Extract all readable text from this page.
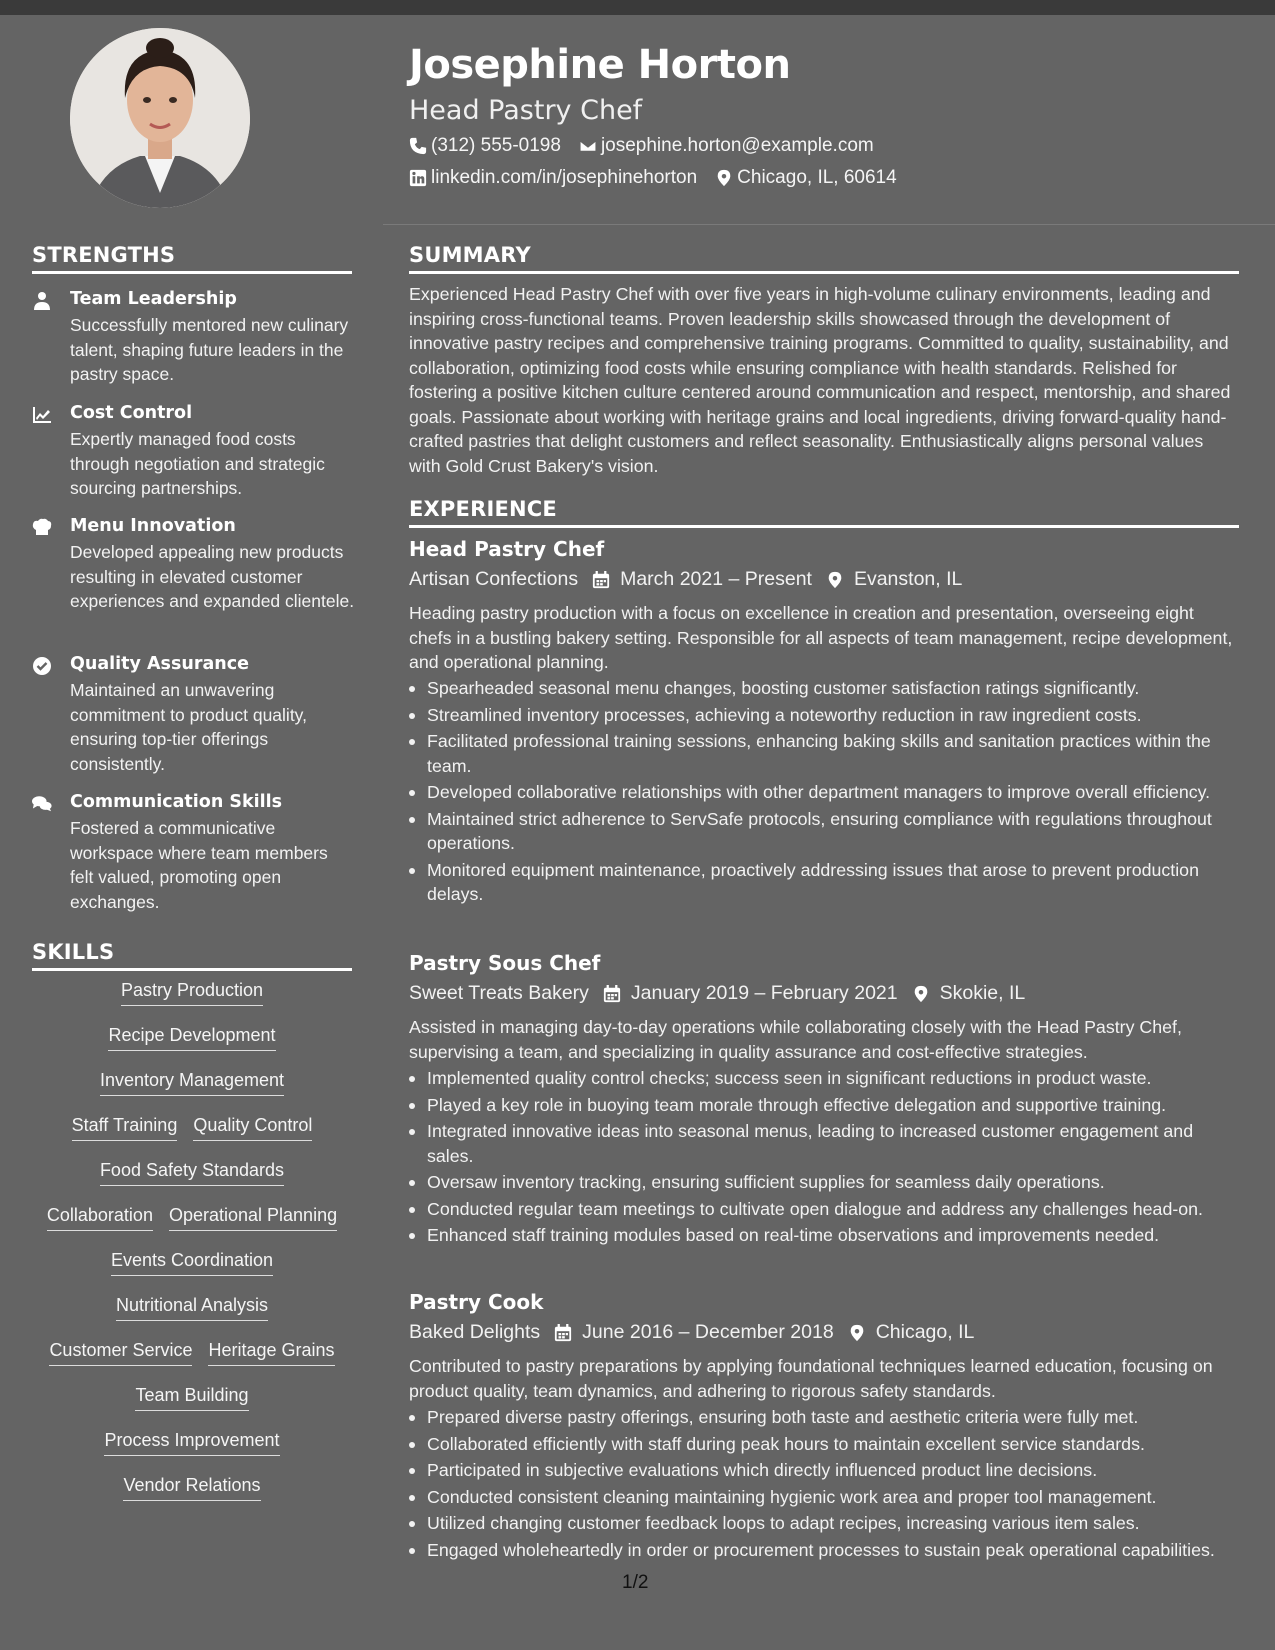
STRENGTHS
Team Leadership
Successfully mentored new culinary talent, shaping future leaders in the pastry space.
Cost Control
Expertly managed food costs through negotiation and strategic sourcing partnerships.
Menu Innovation
Developed appealing new products resulting in elevated customer experiences and expanded clientele.
Quality Assurance
Maintained an unwavering commitment to product quality, ensuring top-tier offerings consistently.
Communication Skills
Fostered a communicative workspace where team members felt valued, promoting open exchanges.
SKILLS
Pastry Production
Recipe Development
Inventory Management
Staff Training Quality Control
Food Safety Standards
Collaboration Operational Planning
Events Coordination
Nutritional Analysis
Customer Service Heritage Grains
Team Building
Process Improvement
Vendor Relations
Josephine Horton
Head Pastry Chef
(312) 555-0198 josephine.horton@example.com
linkedin.com/in/josephinehorton Chicago, IL, 60614
SUMMARY
Experienced Head Pastry Chef with over five years in high-volume culinary environments, leading and inspiring cross-functional teams. Proven leadership skills showcased through the development of innovative pastry recipes and comprehensive training programs. Committed to quality, sustainability, and collaboration, optimizing food costs while ensuring compliance with health standards. Relished for fostering a positive kitchen culture centered around communication and respect, mentorship, and shared goals. Passionate about working with heritage grains and local ingredients, driving forward-quality hand-crafted pastries that delight customers and reflect seasonality. Enthusiastically aligns personal values with Gold Crust Bakery's vision.
EXPERIENCE
Head Pastry Chef
Artisan Confections March 2021 – Present Evanston, IL
Heading pastry production with a focus on excellence in creation and presentation, overseeing eight chefs in a bustling bakery setting. Responsible for all aspects of team management, recipe development, and operational planning.
Spearheaded seasonal menu changes, boosting customer satisfaction ratings significantly.
Streamlined inventory processes, achieving a noteworthy reduction in raw ingredient costs.
Facilitated professional training sessions, enhancing baking skills and sanitation practices within the team.
Developed collaborative relationships with other department managers to improve overall efficiency.
Maintained strict adherence to ServSafe protocols, ensuring compliance with regulations throughout operations.
Monitored equipment maintenance, proactively addressing issues that arose to prevent production delays.
Pastry Sous Chef
Sweet Treats Bakery January 2019 – February 2021 Skokie, IL
Assisted in managing day-to-day operations while collaborating closely with the Head Pastry Chef, supervising a team, and specializing in quality assurance and cost-effective strategies.
Implemented quality control checks; success seen in significant reductions in product waste.
Played a key role in buoying team morale through effective delegation and supportive training.
Integrated innovative ideas into seasonal menus, leading to increased customer engagement and sales.
Oversaw inventory tracking, ensuring sufficient supplies for seamless daily operations.
Conducted regular team meetings to cultivate open dialogue and address any challenges head-on.
Enhanced staff training modules based on real-time observations and improvements needed.
Pastry Cook
Baked Delights June 2016 – December 2018 Chicago, IL
Contributed to pastry preparations by applying foundational techniques learned education, focusing on product quality, team dynamics, and adhering to rigorous safety standards.
Prepared diverse pastry offerings, ensuring both taste and aesthetic criteria were fully met.
Collaborated efficiently with staff during peak hours to maintain excellent service standards.
Participated in subjective evaluations which directly influenced product line decisions.
Conducted consistent cleaning maintaining hygienic work area and proper tool management.
Utilized changing customer feedback loops to adapt recipes, increasing various item sales.
Engaged wholeheartedly in order or procurement processes to sustain peak operational capabilities.
1/2
